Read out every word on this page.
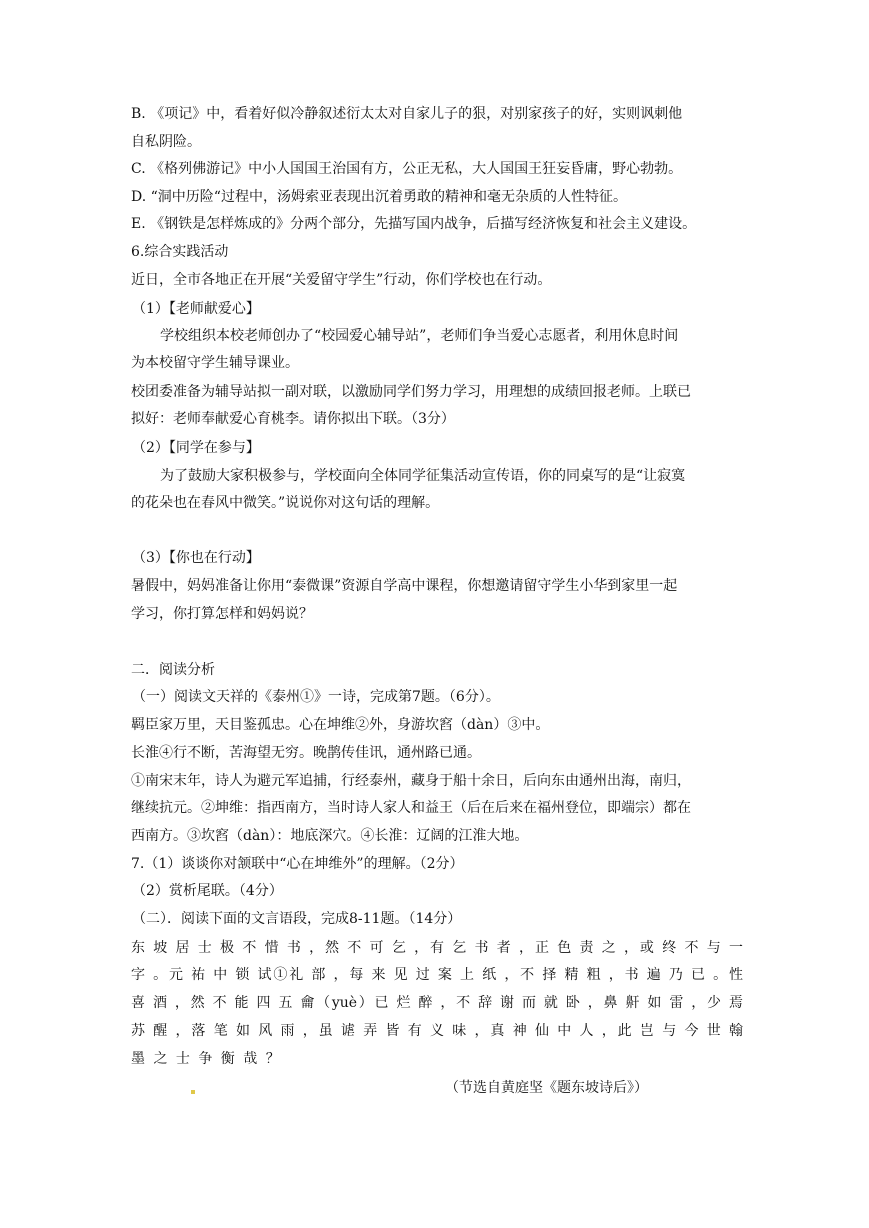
B. 《项记》中，看着好似冷静叙述衍太太对自家儿子的狠，对别家孩子的好，实则讽刺他
自私阴险。
C. 《格列佛游记》中小人国国王治国有方，公正无私，大人国国王狂妄昏庸，野心勃勃。
D. “洞中历险“过程中，汤姆索亚表现出沉着勇敢的精神和毫无杂质的人性特征。
E. 《钢铁是怎样炼成的》分两个部分，先描写国内战争，后描写经济恢复和社会主义建设。
6.综合实践活动
近日，全市各地正在开展“关爱留守学生”行动，你们学校也在行动。
（1）【老师献爱心】
学校组织本校老师创办了“校园爱心辅导站”，老师们争当爱心志愿者，利用休息时间
为本校留守学生辅导课业。
校团委准备为辅导站拟一副对联，以激励同学们努力学习，用理想的成绩回报老师。上联已
拟好：老师奉献爱心育桃李。请你拟出下联。（3分）
（2）【同学在参与】
为了鼓励大家积极参与，学校面向全体同学征集活动宣传语，你的同桌写的是“让寂寞
的花朵也在春风中微笑。”说说你对这句话的理解。
（3）【你也在行动】
暑假中，妈妈准备让你用“泰微课”资源自学高中课程，你想邀请留守学生小华到家里一起
学习，你打算怎样和妈妈说？
二．阅读分析
（一）阅读文天祥的《泰州①》一诗，完成第7题。（6分）。
羁臣家万里，天目鉴孤忠。心在坤维②外，身游坎窞（dàn）③中。
长淮④行不断，苦海望无穷。晚鹊传佳讯，通州路已通。
①南宋末年，诗人为避元军追捕，行经泰州，藏身于船十余日，后向东由通州出海，南归，
继续抗元。②坤维：指西南方，当时诗人家人和益王（后在后来在福州登位，即端宗）都在
西南方。③坎窞（dàn）：地底深穴。④长淮：辽阔的江淮大地。
7.（1）谈谈你对颔联中“心在坤维外”的理解。（2分）
（2）赏析尾联。（4分）
（二）．阅读下面的文言语段，完成8-11题。（14分）
东 坡 居 士 极 不 惜 书 ，然 不 可 乞 ，有 乞 书 者 ，正 色 责 之 ，或 终 不 与 一
字 。元 祐 中 锁 试①礼 部 ，每 来 见 过 案 上 纸 ，不 择 精 粗 ，书 遍 乃 已 。性
喜 酒 ，然 不 能 四 五 龠（yuè）已 烂 醉 ，不 辞 谢 而 就 卧 ，鼻 鼾 如 雷 ，少 焉
苏 醒 ，落 笔 如 风 雨 ，虽 谑 弄 皆 有 义 味 ，真 神 仙 中 人 ，此 岂 与 今 世 翰
墨 之 士 争 衡 哉 ？
（节选自黄庭坚《题东坡诗后》）
